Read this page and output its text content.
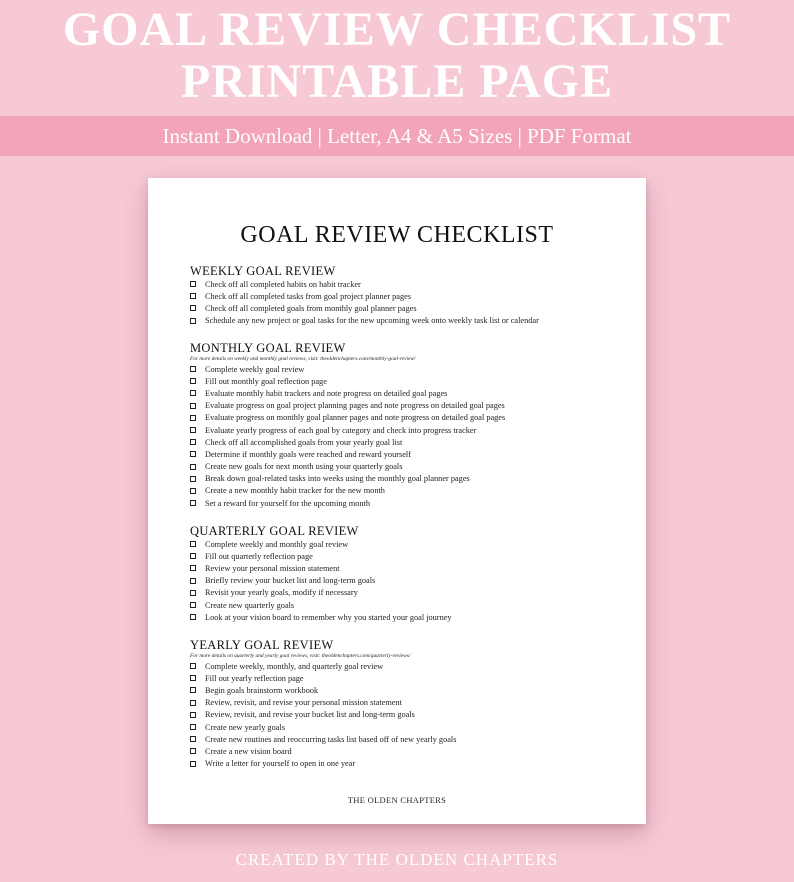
GOAL REVIEW CHECKLIST
PRINTABLE PAGE
Instant Download | Letter, A4 & A5 Sizes | PDF Format
GOAL REVIEW CHECKLIST
WEEKLY GOAL REVIEW
Check off all completed habits on habit tracker
Check off all completed tasks from goal project planner pages
Check off all completed goals from monthly goal planner pages
Schedule any new project or goal tasks for the new upcoming week onto weekly task list or calendar
MONTHLY GOAL REVIEW
For more details on weekly and monthly goal reviews, visit: theoldenchapters.com/monthly-goal-review/
Complete weekly goal review
Fill out monthly goal reflection page
Evaluate monthly habit trackers and note progress on detailed goal pages
Evaluate progress on goal project planning pages and note progress on detailed goal pages
Evaluate progress on monthly goal planner pages and note progress on detailed goal pages
Evaluate yearly progress of each goal by category and check into progress tracker
Check off all accomplished goals from your yearly goal list
Determine if monthly goals were reached and reward yourself
Create new goals for next month using your quarterly goals
Break down goal-related tasks into weeks using the monthly goal planner pages
Create a new monthly habit tracker for the new month
Set a reward for yourself for the upcoming month
QUARTERLY GOAL REVIEW
Complete weekly and monthly goal review
Fill out quarterly reflection page
Review your personal mission statement
Briefly review your bucket list and long-term goals
Revisit your yearly goals, modify if necessary
Create new quarterly goals
Look at your vision board to remember why you started your goal journey
YEARLY GOAL REVIEW
For more details on quarterly and yearly goal reviews, visit: theoldenchapters.com/quarterly-reviews/
Complete weekly, monthly, and quarterly goal review
Fill out yearly reflection page
Begin goals brainstorm workbook
Review, revisit, and revise your personal mission statement
Review, revisit, and revise your bucket list and long-term goals
Create new yearly goals
Create new routines and reoccurring tasks list based off of new yearly goals
Create a new vision board
Write a letter for yourself to open in one year
THE OLDEN CHAPTERS
CREATED BY THE OLDEN CHAPTERS
